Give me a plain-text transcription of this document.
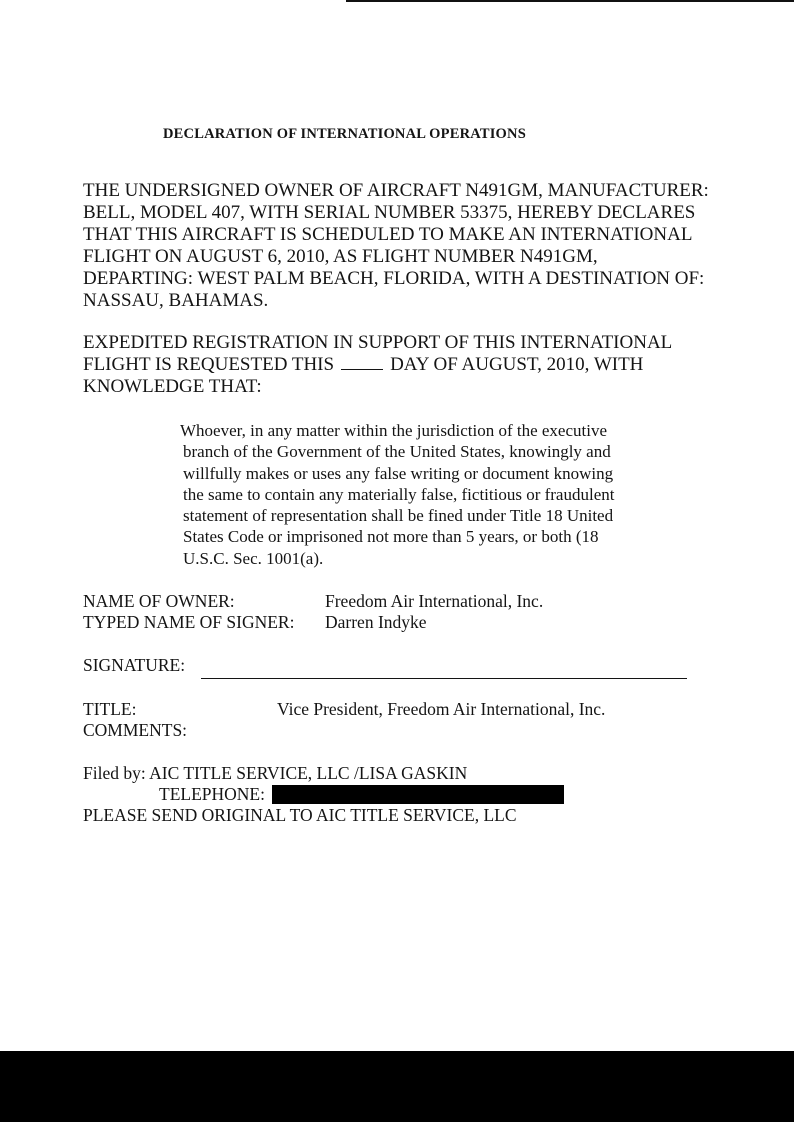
DECLARATION OF INTERNATIONAL OPERATIONS
THE UNDERSIGNED OWNER OF AIRCRAFT N491GM, MANUFACTURER:
BELL, MODEL 407, WITH SERIAL NUMBER 53375, HEREBY DECLARES
THAT THIS AIRCRAFT IS SCHEDULED TO MAKE AN INTERNATIONAL
FLIGHT ON AUGUST 6, 2010, AS FLIGHT NUMBER N491GM,
DEPARTING: WEST PALM BEACH, FLORIDA, WITH A DESTINATION OF:
NASSAU, BAHAMAS.
EXPEDITED REGISTRATION IN SUPPORT OF THIS INTERNATIONAL
FLIGHT IS REQUESTED THIS	DAY OF AUGUST, 2010, WITH
KNOWLEDGE THAT:
Whoever, in any matter within the jurisdiction of the executive
branch of the Government of the United States, knowingly and
willfully makes or uses any false writing or document knowing
the same to contain any materially false, fictitious or fraudulent
statement of representation shall be fined under Title 18 United
States Code or imprisoned not more than 5 years, or both (18
U.S.C. Sec. 1001(a).
NAME OF OWNER:	Freedom Air International, Inc.
TYPED NAME OF SIGNER: Darren Indyke
SIGNATURE:
TITLE:	Vice President, Freedom Air International, Inc.
COMMENTS:
Filed by: AIC TITLE SERVICE, LLC /LISA GASKIN
TELEPHONE:
PLEASE SEND ORIGINAL TO AIC TITLE SERVICE, LLC
